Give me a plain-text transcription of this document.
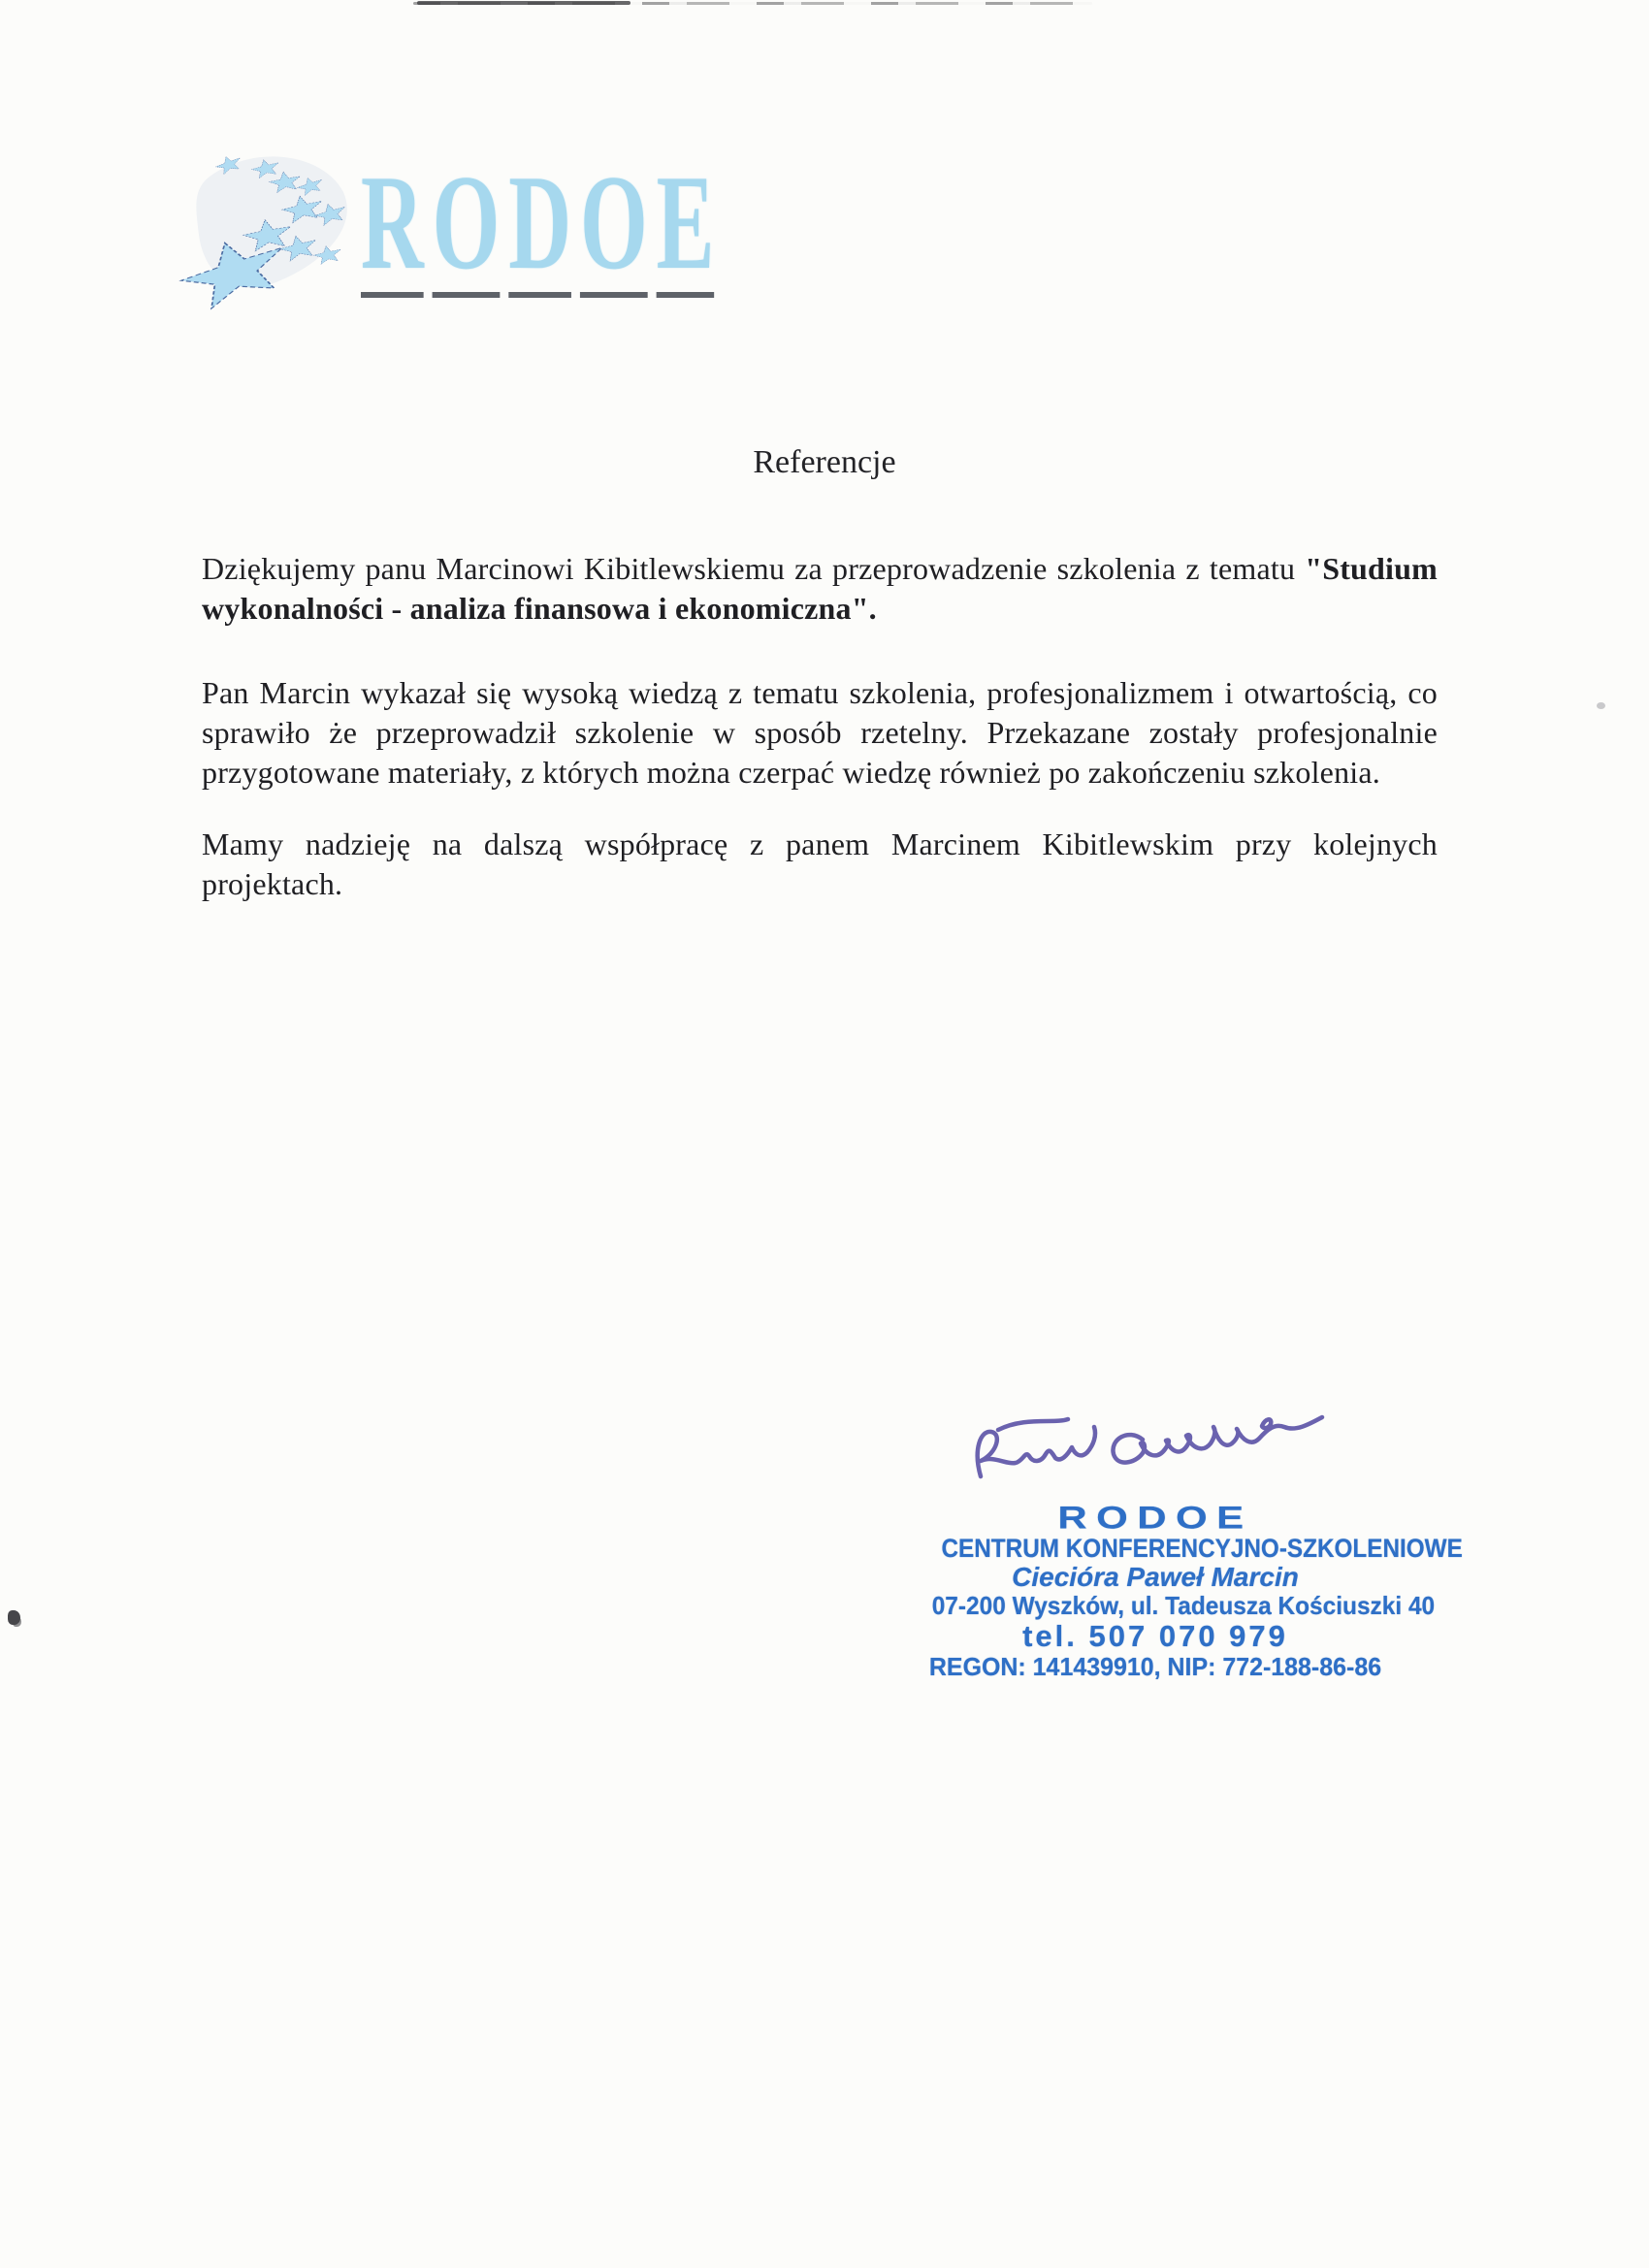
RODOE
Referencje

Dziękujemy panu Marcinowi Kibitlewskiemu za przeprowadzenie szkolenia z tematu "Studium wykonalności - analiza finansowa i ekonomiczna".

Pan Marcin wykazał się wysoką wiedzą z tematu szkolenia, profesjonalizmem i otwartością, co sprawiło że przeprowadził szkolenie w sposób rzetelny. Przekazane zostały profesjonalnie przygotowane materiały, z których można czerpać wiedzę również po zakończeniu szkolenia.

Mamy nadzieję na dalszą współpracę z panem Marcinem Kibitlewskim przy kolejnych projektach.

RODOE
CENTRUM KONFERENCYJNO-SZKOLENIOWE
Ciecióra Paweł Marcin
07-200 Wyszków, ul. Tadeusza Kościuszki 40
tel. 507 070 979
REGON: 141439910, NIP: 772-188-86-86
